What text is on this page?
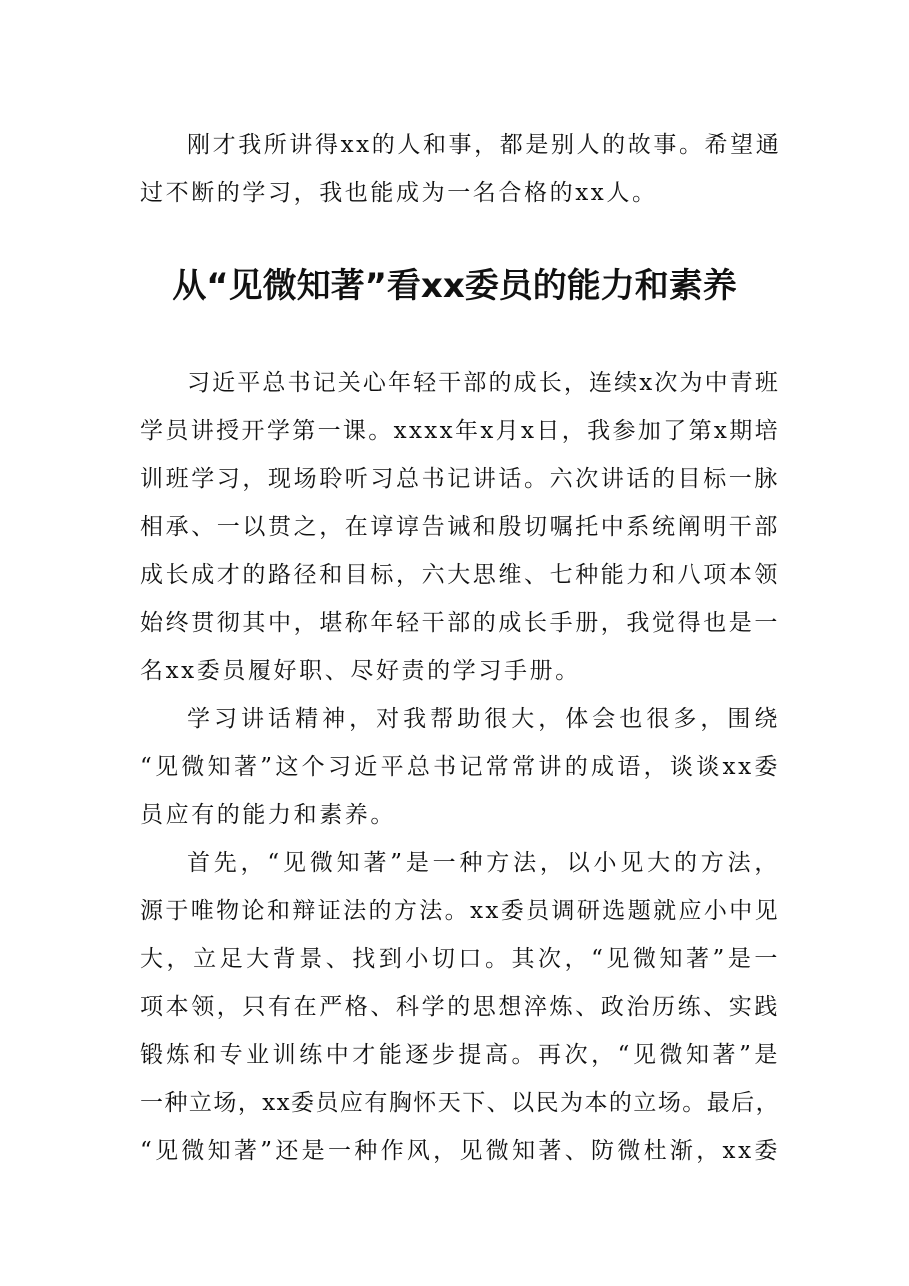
刚才我所讲得xx的人和事，都是别人的故事。希望通
过不断的学习，我也能成为一名合格的xx人。
从“见微知著”看xx委员的能力和素养
习近平总书记关心年轻干部的成长，连续x次为中青班
学员讲授开学第一课。xxxx年x月x日，我参加了第x期培
训班学习，现场聆听习总书记讲话。六次讲话的目标一脉
相承、一以贯之，在谆谆告诫和殷切嘱托中系统阐明干部
成长成才的路径和目标，六大思维、七种能力和八项本领
始终贯彻其中，堪称年轻干部的成长手册，我觉得也是一
名xx委员履好职、尽好责的学习手册。
学习讲话精神，对我帮助很大，体会也很多，围绕
“见微知著”这个习近平总书记常常讲的成语，谈谈xx委
员应有的能力和素养。
首先，“见微知著”是一种方法，以小见大的方法，
源于唯物论和辩证法的方法。xx委员调研选题就应小中见
大，立足大背景、找到小切口。其次，“见微知著”是一
项本领，只有在严格、科学的思想淬炼、政治历练、实践
锻炼和专业训练中才能逐步提高。再次，“见微知著”是
一种立场，xx委员应有胸怀天下、以民为本的立场。最后，
“见微知著”还是一种作风，见微知著、防微杜渐，xx委
